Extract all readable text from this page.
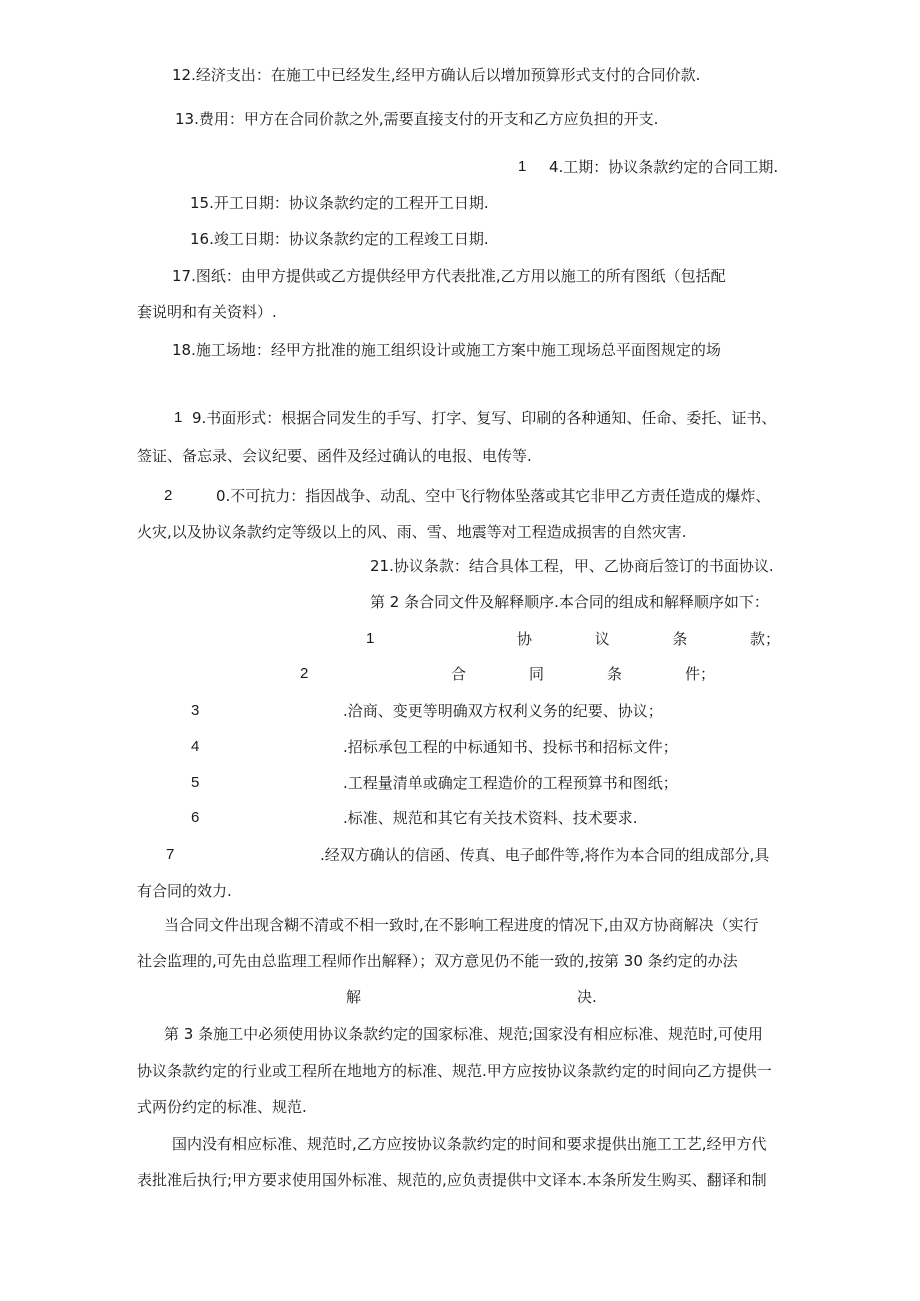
12.经济支出：在施工中已经发生,经甲方确认后以增加预算形式支付的合同价款.
13.费用：甲方在合同价款之外,需要直接支付的开支和乙方应负担的开支.
1 4.工期：协议条款约定的合同工期.
15.开工日期：协议条款约定的工程开工日期.
16.竣工日期：协议条款约定的工程竣工日期.
17.图纸：由甲方提供或乙方提供经甲方代表批准,乙方用以施工的所有图纸（包括配
套说明和有关资料）.
18.施工场地：经甲方批准的施工组织设计或施工方案中施工现场总平面图规定的场
1 9.书面形式：根据合同发生的手写、打字、复写、印刷的各种通知、任命、委托、证书、
签证、备忘录、会议纪要、函件及经过确认的电报、电传等.
2	0.不可抗力：指因战争、动乱、空中飞行物体坠落或其它非甲乙方责任造成的爆炸、
火灾,以及协议条款约定等级以上的风、雨、雪、地震等对工程造成损害的自然灾害.
21.协议条款：结合具体工程，甲、乙协商后签订的书面协议.
第 2 条合同文件及解释顺序.本合同的组成和解释顺序如下：
1	协	议	条	款；
2	合	同	条	件；
3	.洽商、变更等明确双方权利义务的纪要、协议；
4	.招标承包工程的中标通知书、投标书和招标文件；
5	.工程量清单或确定工程造价的工程预算书和图纸；
6	.标准、规范和其它有关技术资料、技术要求.
7	.经双方确认的信函、传真、电子邮件等,将作为本合同的组成部分,具
有合同的效力.
当合同文件出现含糊不清或不相一致时,在不影响工程进度的情况下,由双方协商解决（实行
社会监理的,可先由总监理工程师作出解释）；双方意见仍不能一致的,按第 30 条约定的办法
解	决.
第 3 条施工中必须使用协议条款约定的国家标准、规范;国家没有相应标准、规范时,可使用
协议条款约定的行业或工程所在地地方的标准、规范.甲方应按协议条款约定的时间向乙方提供一
式两份约定的标准、规范.
国内没有相应标准、规范时,乙方应按协议条款约定的时间和要求提供出施工工艺,经甲方代
表批准后执行;甲方要求使用国外标准、规范的,应负责提供中文译本.本条所发生购买、翻译和制
